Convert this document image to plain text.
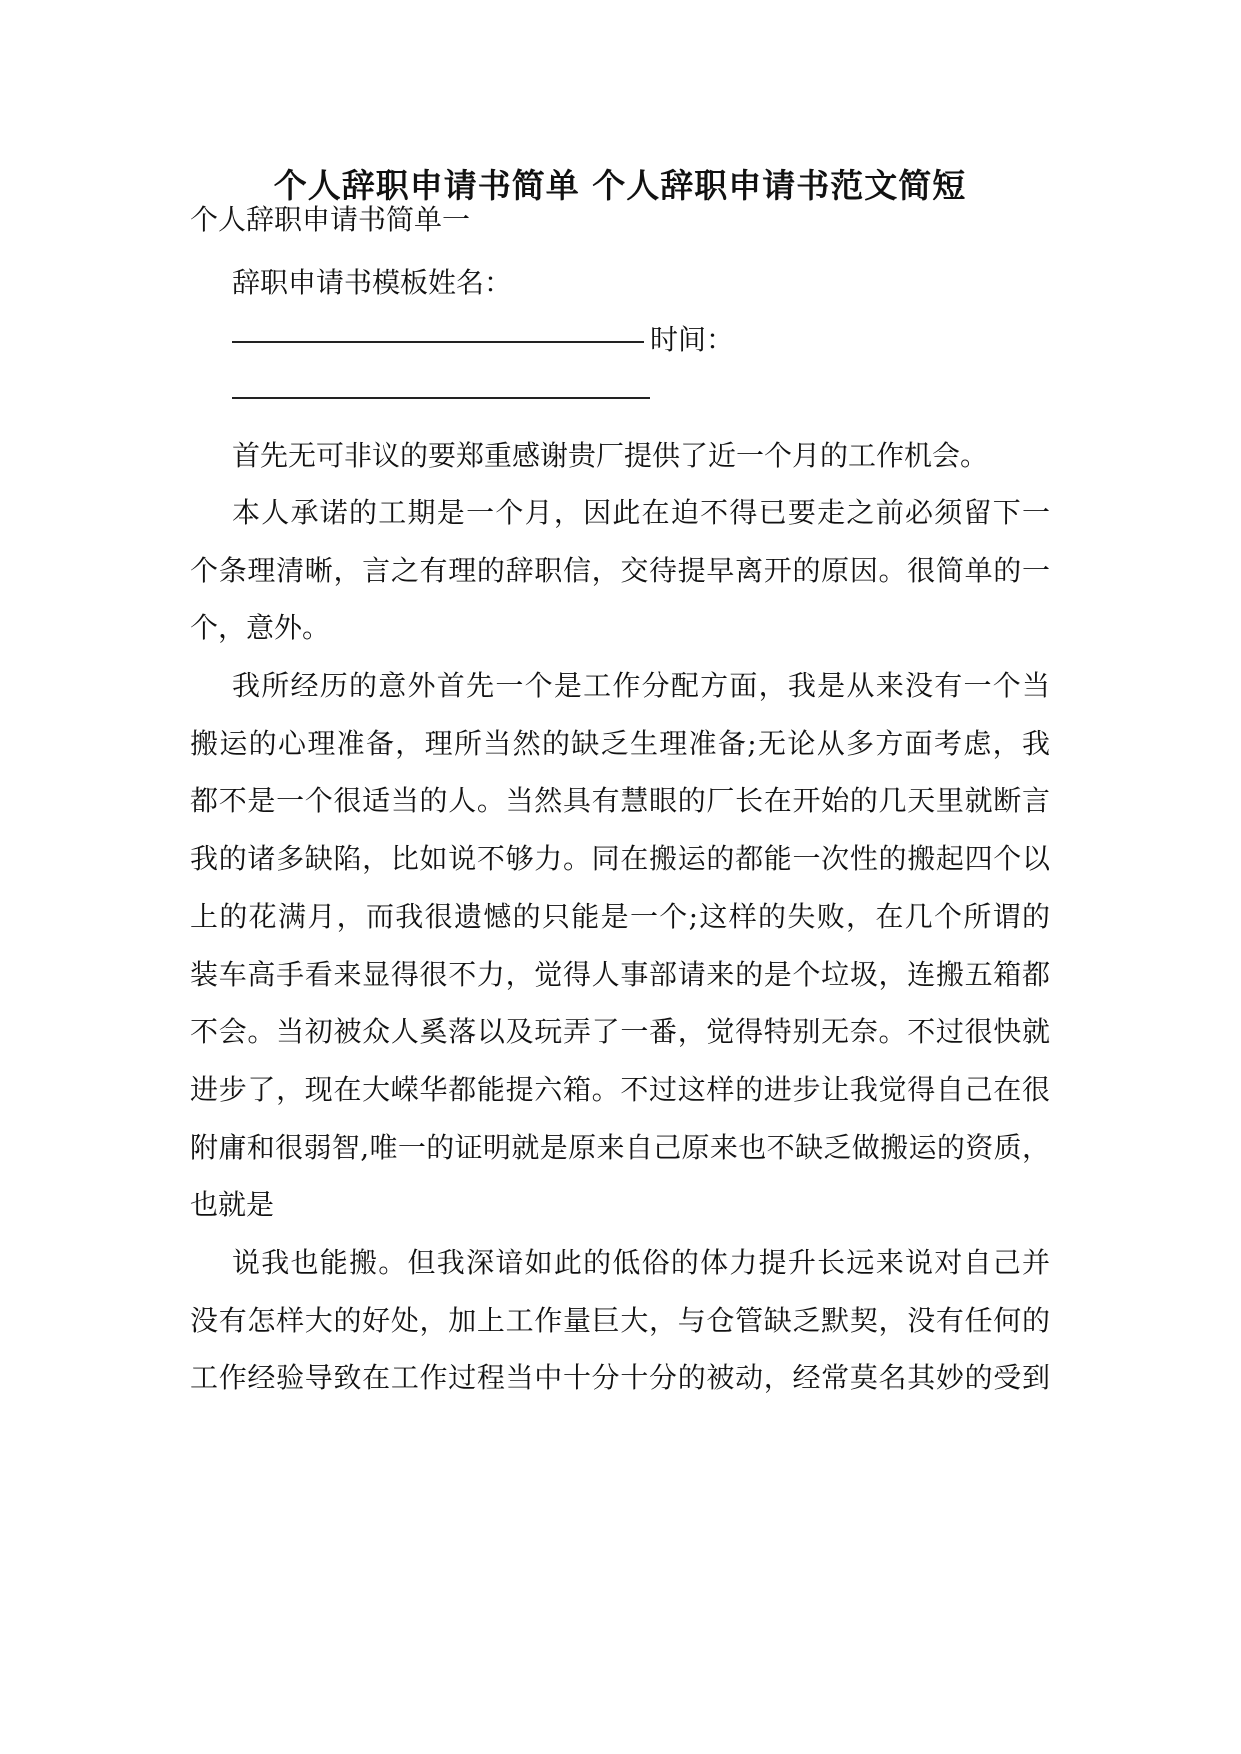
个人辞职申请书简单 个人辞职申请书范文简短
个人辞职申请书简单一
辞职申请书模板姓名：
时间：
首先无可非议的要郑重感谢贵厂提供了近一个月的工作机会。
本人承诺的工期是一个月，因此在迫不得已要走之前必须留下一
个条理清晰，言之有理的辞职信，交待提早离开的原因。很简单的一
个，意外。
我所经历的意外首先一个是工作分配方面，我是从来没有一个当
搬运的心理准备，理所当然的缺乏生理准备;无论从多方面考虑，我
都不是一个很适当的人。当然具有慧眼的厂长在开始的几天里就断言
我的诸多缺陷，比如说不够力。同在搬运的都能一次性的搬起四个以
上的花满月，而我很遗憾的只能是一个;这样的失败，在几个所谓的
装车高手看来显得很不力，觉得人事部请来的是个垃圾，连搬五箱都
不会。当初被众人奚落以及玩弄了一番，觉得特别无奈。不过很快就
进步了，现在大嵘华都能提六箱。不过这样的进步让我觉得自己在很
附庸和很弱智,唯一的证明就是原来自己原来也不缺乏做搬运的资质，
也就是
说我也能搬。但我深谙如此的低俗的体力提升长远来说对自己并
没有怎样大的好处，加上工作量巨大，与仓管缺乏默契，没有任何的
工作经验导致在工作过程当中十分十分的被动，经常莫名其妙的受到
